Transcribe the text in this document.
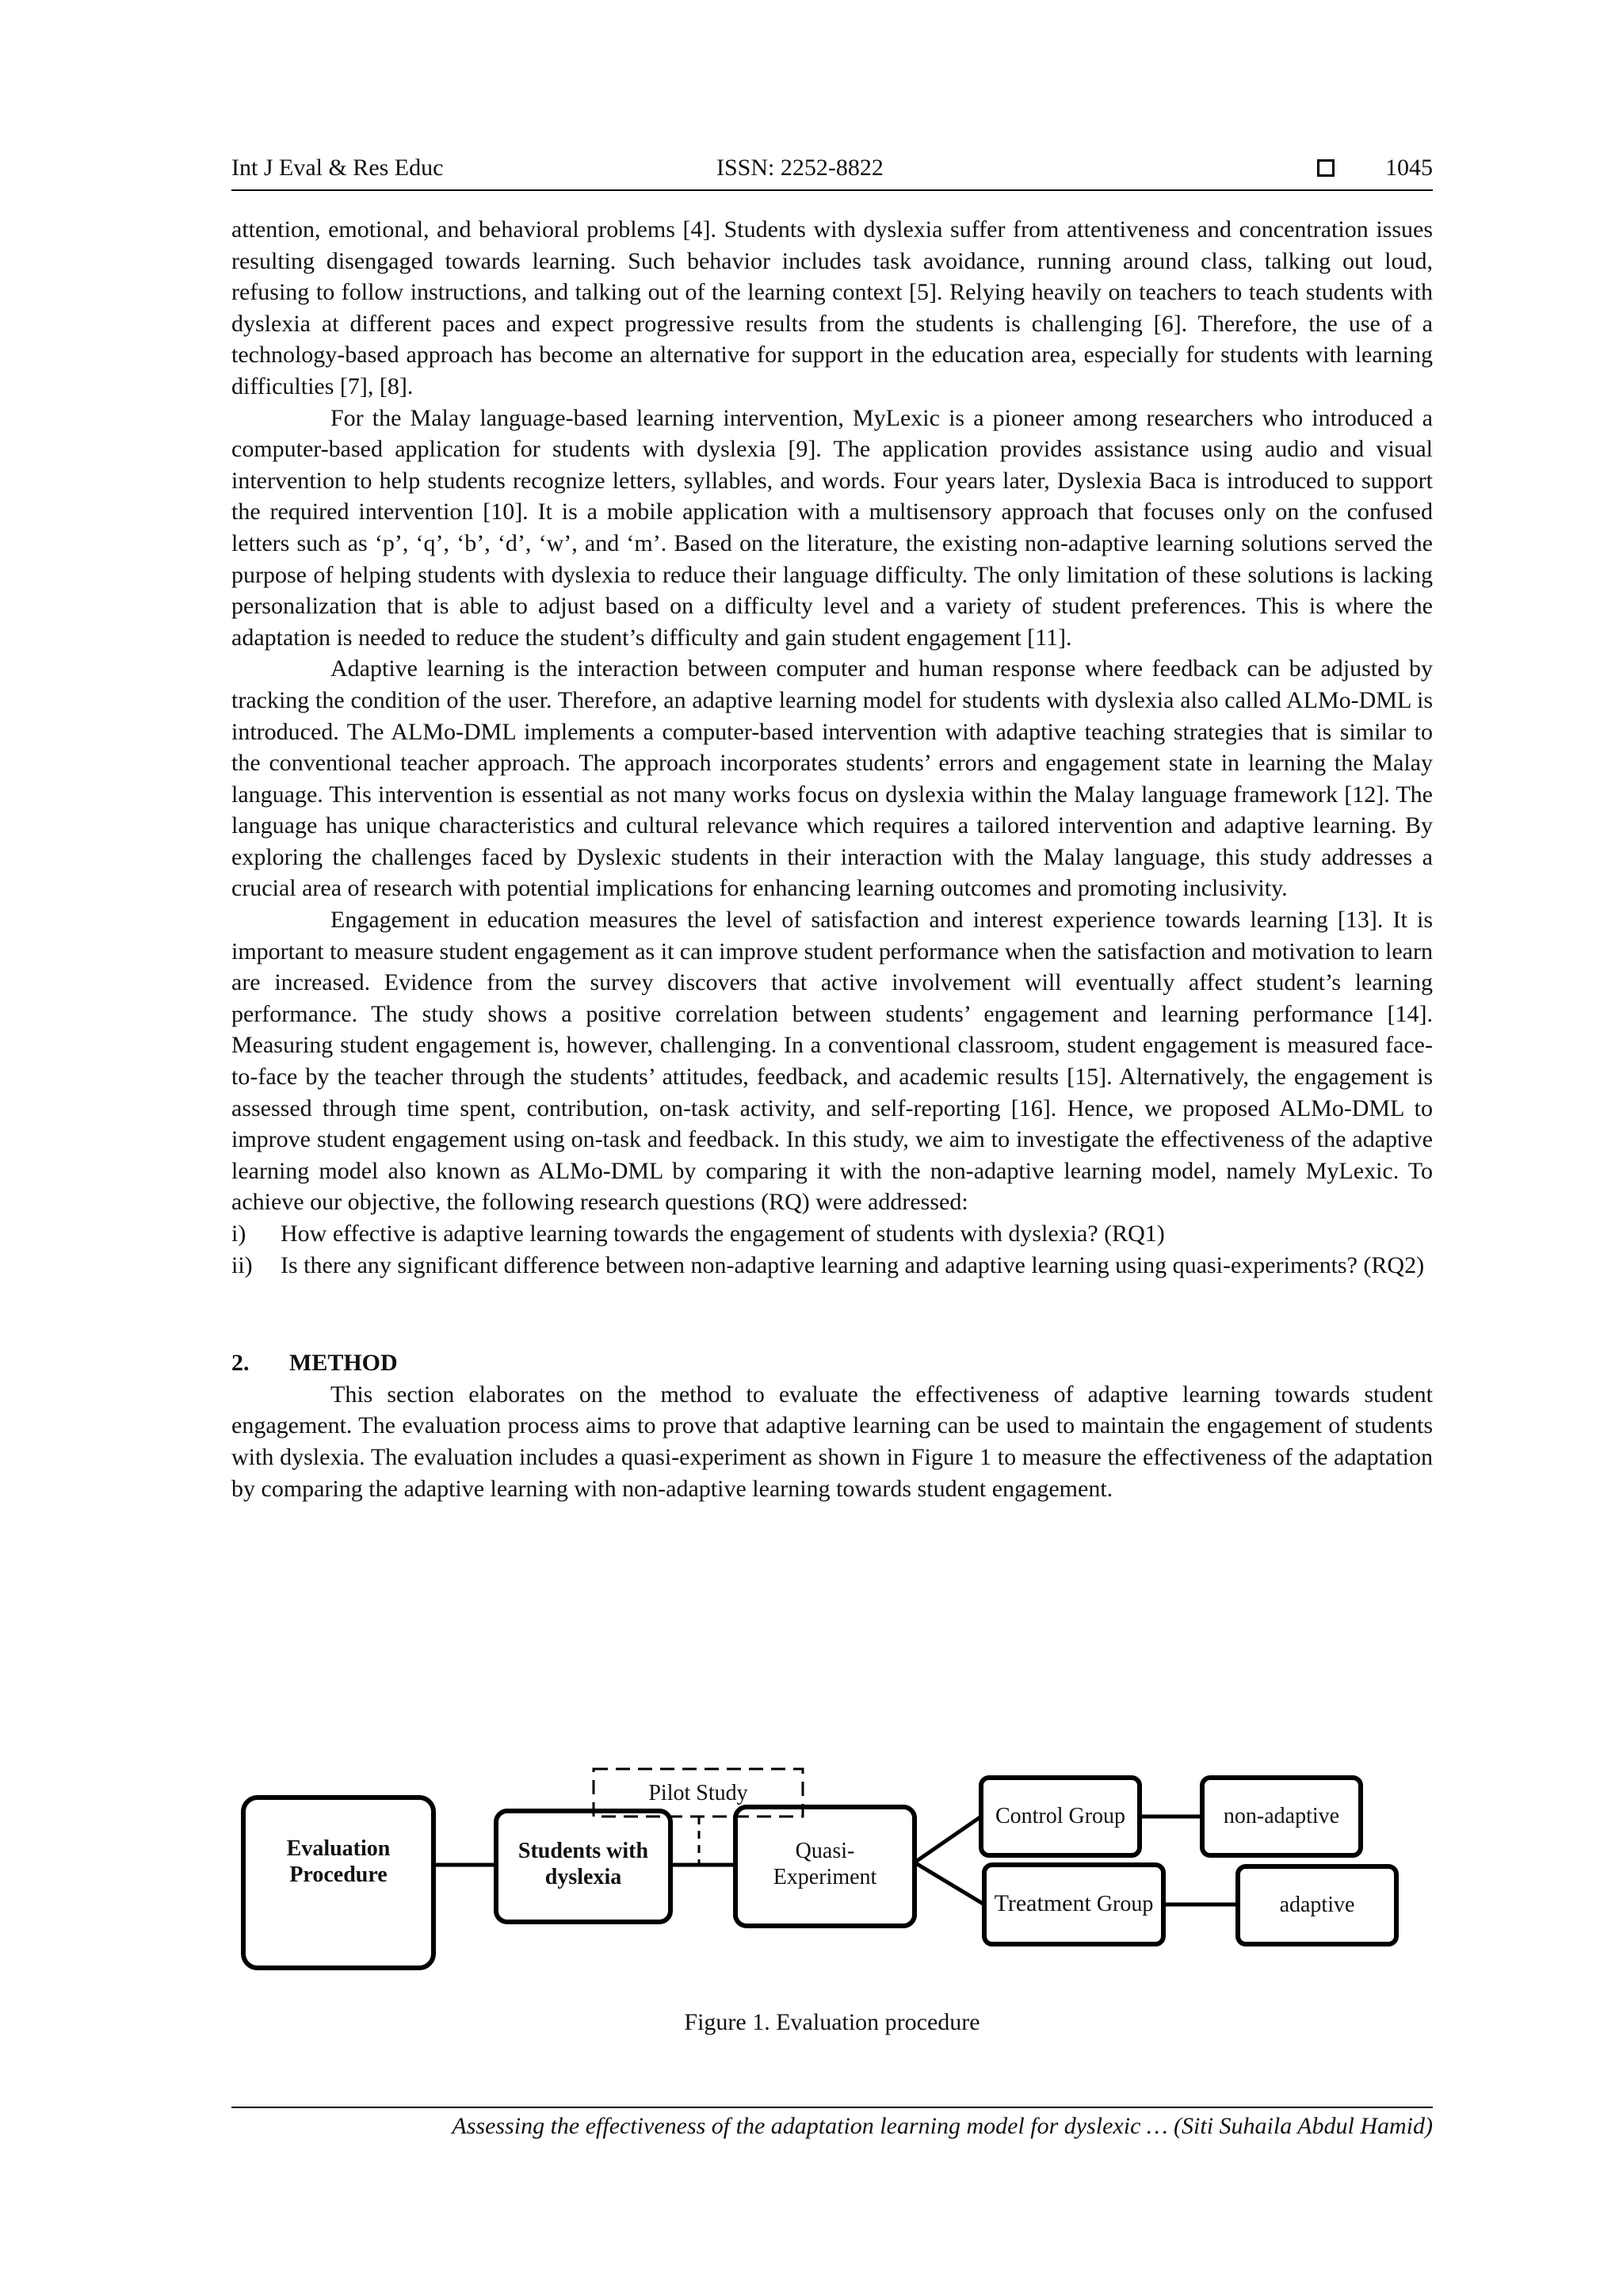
Int J Eval & Res Educ	ISSN: 2252-8822	1045

attention, emotional, and behavioral problems [4]. Students with dyslexia suffer from attentiveness and concentration issues resulting disengaged towards learning. Such behavior includes task avoidance, running around class, talking out loud, refusing to follow instructions, and talking out of the learning context [5]. Relying heavily on teachers to teach students with dyslexia at different paces and expect progressive results from the students is challenging [6]. Therefore, the use of a technology-based approach has become an alternative for support in the education area, especially for students with learning difficulties [7], [8].

For the Malay language-based learning intervention, MyLexic is a pioneer among researchers who introduced a computer-based application for students with dyslexia [9]. The application provides assistance using audio and visual intervention to help students recognize letters, syllables, and words. Four years later, Dyslexia Baca is introduced to support the required intervention [10]. It is a mobile application with a multisensory approach that focuses only on the confused letters such as ‘p’, ‘q’, ‘b’, ‘d’, ‘w’, and ‘m’. Based on the literature, the existing non-adaptive learning solutions served the purpose of helping students with dyslexia to reduce their language difficulty. The only limitation of these solutions is lacking personalization that is able to adjust based on a difficulty level and a variety of student preferences. This is where the adaptation is needed to reduce the student’s difficulty and gain student engagement [11].

Adaptive learning is the interaction between computer and human response where feedback can be adjusted by tracking the condition of the user. Therefore, an adaptive learning model for students with dyslexia also called ALMo-DML is introduced. The ALMo-DML implements a computer-based intervention with adaptive teaching strategies that is similar to the conventional teacher approach. The approach incorporates students’ errors and engagement state in learning the Malay language. This intervention is essential as not many works focus on dyslexia within the Malay language framework [12]. The language has unique characteristics and cultural relevance which requires a tailored intervention and adaptive learning. By exploring the challenges faced by Dyslexic students in their interaction with the Malay language, this study addresses a crucial area of research with potential implications for enhancing learning outcomes and promoting inclusivity.

Engagement in education measures the level of satisfaction and interest experience towards learning [13]. It is important to measure student engagement as it can improve student performance when the satisfaction and motivation to learn are increased. Evidence from the survey discovers that active involvement will eventually affect student’s learning performance. The study shows a positive correlation between students’ engagement and learning performance [14]. Measuring student engagement is, however, challenging. In a conventional classroom, student engagement is measured face-to-face by the teacher through the students’ attitudes, feedback, and academic results [15]. Alternatively, the engagement is assessed through time spent, contribution, on-task activity, and self-reporting [16]. Hence, we proposed ALMo-DML to improve student engagement using on-task and feedback. In this study, we aim to investigate the effectiveness of the adaptive learning model also known as ALMo-DML by comparing it with the non-adaptive learning model, namely MyLexic. To achieve our objective, the following research questions (RQ) were addressed:

i)	How effective is adaptive learning towards the engagement of students with dyslexia? (RQ1)
ii)	Is there any significant difference between non-adaptive learning and adaptive learning using quasi-experiments? (RQ2)

2. METHOD

This section elaborates on the method to evaluate the effectiveness of adaptive learning towards student engagement. The evaluation process aims to prove that adaptive learning can be used to maintain the engagement of students with dyslexia. The evaluation includes a quasi-experiment as shown in Figure 1 to measure the effectiveness of the adaptation by comparing the adaptive learning with non-adaptive learning towards student engagement.

Evaluation
Procedure
Students with
dyslexia
Pilot Study
Quasi-
Experiment
Control Group
Treatment Group
non-adaptive
adaptive
Figure 1. Evaluation procedure
Assessing the effectiveness of the adaptation learning model for dyslexic … (Siti Suhaila Abdul Hamid)
